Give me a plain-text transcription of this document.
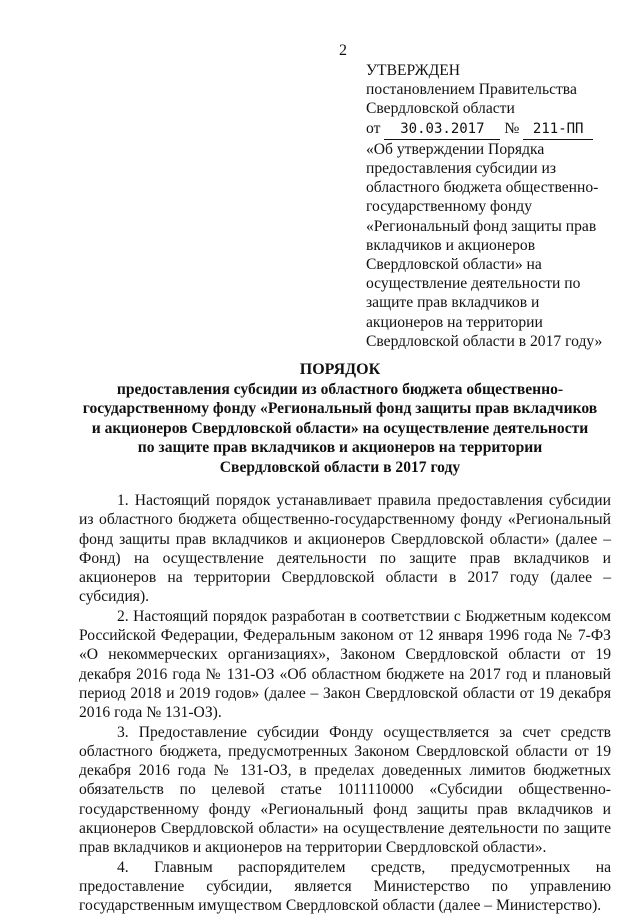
2
УТВЕРЖДЕН
постановлением Правительства
Свердловской области
от 30.03.2017 № 211-ПП
«Об утверждении Порядка
предоставления субсидии из
областного бюджета общественно-
государственному фонду
«Региональный фонд защиты прав
вкладчиков и акционеров
Свердловской области» на
осуществление деятельности по
защите прав вкладчиков и
акционеров на территории
Свердловской области в 2017 году»
ПОРЯДОК
предоставления субсидии из областного бюджета общественно-
государственному фонду «Региональный фонд защиты прав вкладчиков
и акционеров Свердловской области» на осуществление деятельности
по защите прав вкладчиков и акционеров на территории
Свердловской области в 2017 году

1. Настоящий порядок устанавливает правила предоставления субсидии из областного бюджета общественно-государственному фонду «Региональный фонд защиты прав вкладчиков и акционеров Свердловской области» (далее – Фонд) на осуществление деятельности по защите прав вкладчиков и акционеров на территории Свердловской области в 2017 году (далее – субсидия).

2. Настоящий порядок разработан в соответствии с Бюджетным кодексом Российской Федерации, Федеральным законом от 12 января 1996 года № 7-ФЗ «О некоммерческих организациях», Законом Свердловской области от 19 декабря 2016 года № 131-ОЗ «Об областном бюджете на 2017 год и плановый период 2018 и 2019 годов» (далее – Закон Свердловской области от 19 декабря 2016 года № 131-ОЗ).

3. Предоставление субсидии Фонду осуществляется за счет средств областного бюджета, предусмотренных Законом Свердловской области от 19 декабря 2016 года № 131-ОЗ, в пределах доведенных лимитов бюджетных обязательств по целевой статье 1011110000 «Субсидии общественно-государственному фонду «Региональный фонд защиты прав вкладчиков и акционеров Свердловской области» на осуществление деятельности по защите прав вкладчиков и акционеров на территории Свердловской области».

4. Главным распорядителем средств, предусмотренных на предоставление субсидии, является Министерство по управлению государственным имуществом Свердловской области (далее – Министерство).
